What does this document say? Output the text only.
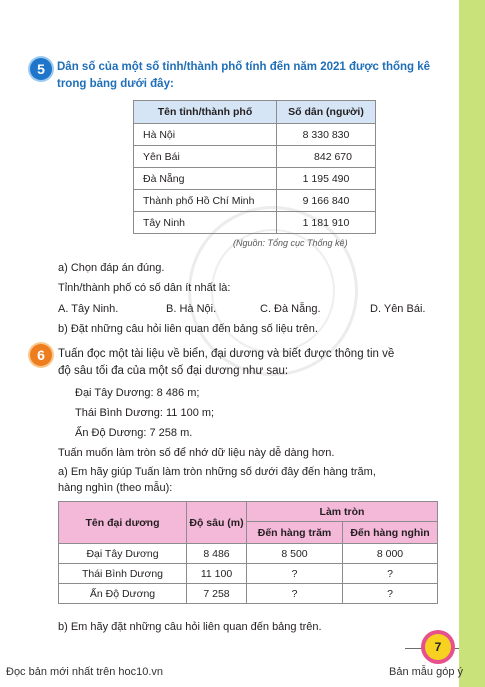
5	Dân số của một số tỉnh/thành phố tính đến năm 2021 được thống kê trong bảng dưới đây:
Tên tỉnh/thành phố	Số dân (người)
Hà Nội	8 330 830
Yên Bái	842 670
Đà Nẵng	1 195 490
Thành phố Hồ Chí Minh	9 166 840
Tây Ninh	1 181 910
(Nguồn: Tổng cục Thống kê)
a) Chọn đáp án đúng.
Tỉnh/thành phố có số dân ít nhất là:
A. Tây Ninh.	B. Hà Nội.	C. Đà Nẵng.	D. Yên Bái.
b) Đặt những câu hỏi liên quan đến bảng số liệu trên.
6	Tuấn đọc một tài liệu về biển, đại dương và biết được thông tin về
độ sâu tối đa của một số đại dương như sau:
Đại Tây Dương: 8 486 m;
Thái Bình Dương: 11 100 m;
Ấn Độ Dương: 7 258 m.
Tuấn muốn làm tròn số để nhớ dữ liệu này dễ dàng hơn.
a) Em hãy giúp Tuấn làm tròn những số dưới đây đến hàng trăm,
hàng nghìn (theo mẫu):
Tên đại dương	Độ sâu (m)	Làm tròn	
		Đến hàng trăm	Đến hàng nghìn
Đại Tây Dương	8 486	8 500	8 000
Thái Bình Dương	11 100	?	?
Ấn Độ Dương	7 258	?	?
b) Em hãy đặt những câu hỏi liên quan đến bảng trên.
7
Đọc bản mới nhất trên hoc10.vn	Bản mẫu góp ý
